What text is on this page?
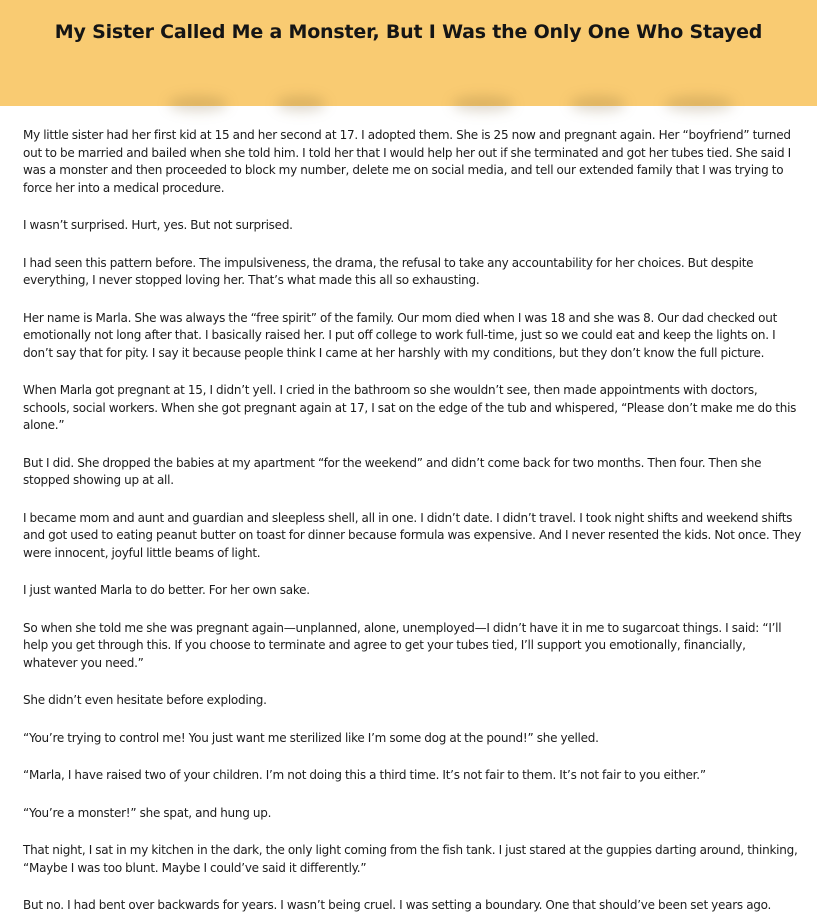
My Sister Called Me a Monster, But I Was the Only One Who Stayed

My little sister had her first kid at 15 and her second at 17. I adopted them. She is 25 now and pregnant again. Her “boyfriend” turned out to be married and bailed when she told him. I told her that I would help her out if she terminated and got her tubes tied. She said I was a monster and then proceeded to block my number, delete me on social media, and tell our extended family that I was trying to force her into a medical procedure.

I wasn’t surprised. Hurt, yes. But not surprised.

I had seen this pattern before. The impulsiveness, the drama, the refusal to take any accountability for her choices. But despite everything, I never stopped loving her. That’s what made this all so exhausting.

Her name is Marla. She was always the “free spirit” of the family. Our mom died when I was 18 and she was 8. Our dad checked out emotionally not long after that. I basically raised her. I put off college to work full-time, just so we could eat and keep the lights on. I don’t say that for pity. I say it because people think I came at her harshly with my conditions, but they don’t know the full picture.

When Marla got pregnant at 15, I didn’t yell. I cried in the bathroom so she wouldn’t see, then made appointments with doctors, schools, social workers. When she got pregnant again at 17, I sat on the edge of the tub and whispered, “Please don’t make me do this alone.”

But I did. She dropped the babies at my apartment “for the weekend” and didn’t come back for two months. Then four. Then she stopped showing up at all.

I became mom and aunt and guardian and sleepless shell, all in one. I didn’t date. I didn’t travel. I took night shifts and weekend shifts and got used to eating peanut butter on toast for dinner because formula was expensive. And I never resented the kids. Not once. They were innocent, joyful little beams of light.

I just wanted Marla to do better. For her own sake.

So when she told me she was pregnant again—unplanned, alone, unemployed—I didn’t have it in me to sugarcoat things. I said: “I’ll help you get through this. If you choose to terminate and agree to get your tubes tied, I’ll support you emotionally, financially, whatever you need.”

She didn’t even hesitate before exploding.

“You’re trying to control me! You just want me sterilized like I’m some dog at the pound!” she yelled.

“Marla, I have raised two of your children. I’m not doing this a third time. It’s not fair to them. It’s not fair to you either.”

“You’re a monster!” she spat, and hung up.

That night, I sat in my kitchen in the dark, the only light coming from the fish tank. I just stared at the guppies darting around, thinking, “Maybe I was too blunt. Maybe I could’ve said it differently.”

But no. I had bent over backwards for years. I wasn’t being cruel. I was setting a boundary. One that should’ve been set years ago.
